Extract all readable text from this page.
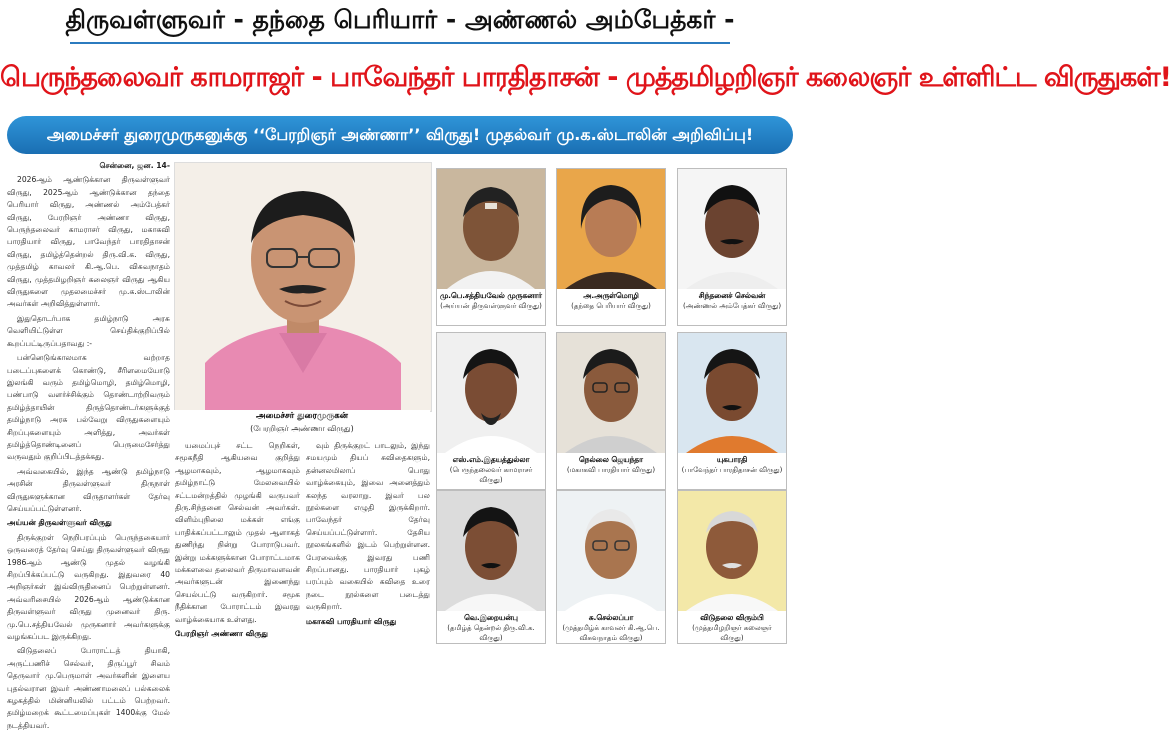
திருவள்ளுவர் - தந்தை பெரியார் - அண்ணல் அம்பேத்கர் -
பெருந்தலைவர் காமராஜர் - பாவேந்தர் பாரதிதாசன் - முத்தமிழறிஞர் கலைஞர் உள்ளிட்ட விருதுகள்!
அமைச்சர் துரைமுருகனுக்கு ‘‘பேரறிஞர் அண்ணா’’ விருது! முதல்வர் மு.க.ஸ்டாலின் அறிவிப்பு!

சென்னை, ஜன. 14-

2026ஆம் ஆண்டுக்கான திருவள்ளுவர் விருது, 2025ஆம் ஆண்டுக்கான தந்தை பெரியார் விருது, அண்ணல் அம்பேத்கர் விருது, பேரறிஞர் அண்ணா விருது, பெருந்தலைவர் காமராசர் விருது, மகாகவி பாரதியார் விருது, பாவேந்தர் பாரதிதாசன் விருது, தமிழ்த்தென்றல் திரு.வி.க. விருது, முத்தமிழ் காவலர் கி.ஆ.பெ. விசுவநாதம் விருது, முத்தமிழறிஞர் கலைஞர் விருது ஆகிய விருதுகளை முதலமைச்சர் மு.க.ஸ்டாலின் அவர்கள் அறிவித்துள்ளார்.

இதுதொடர்பாக தமிழ்நாடு அரசு வெளியிட்டுள்ள செய்திக்குறிப்பில் கூறப்பட்டிருப்பதாவது :-

பன்னெடுங்காலமாக வற்றாத படைப்புகளைக் கொண்டு, சீரிளமையோடு இலங்கி வரும் தமிழ்மொழி, தமிழ்மொழி, பண்பாடு வளர்ச்சிக்கும் தொண்டாற்றிவரும் தமிழ்த்தாயின் திருத்தொண்டர்களுக்குத் தமிழ்நாடு அரசு பல்வேறு விருதுகளையும் சிறப்புகளையும் அளித்து, அவர்கள் தமிழ்த்தொண்டினைப் பெருமைசேர்த்து வருவதும் குறிப்பிடத்தக்கது.

அவ்வகையில், இந்த ஆண்டு தமிழ்நாடு அரசின் திருவள்ளுவர் திருநாள் விருதுகளுக்கான விருதாளர்கள் தேர்வு செய்யப்பட்டுள்ளனர்.

அய்யன் திருவள்ளுவர் விருது

திருக்குறள் நெறிபரப்பும் பெருந்தகையார் ஒருவரைத் தேர்வு செய்து திருவள்ளுவர் விருது 1986ஆம் ஆண்டு முதல் வழங்கி சிறப்பிக்கப்பட்டு வருகிறது. இதுவரை 40 அறிஞர்கள் இவ்விருதினைப் பெற்றுள்ளனர். அவ்வரிசையில் 2026ஆம் ஆண்டுக்கான திருவள்ளுவர் விருது முனைவர் திரு. மு.பெ.சத்தியவேல் முருகனார் அவர்களுக்கு வழங்கப்பட இருக்கிறது.

விடுதலைப் போராட்டத் தியாகி, அருட்பணிச் செல்வர், திருப்பூர் சிவம் தெருவார் மு.பெருமாள் அவர்களின் இளைய புதல்வரான இவர் அண்ணாமலைப் பல்கலைக் கழகத்தில் மின்னியலில் பட்டம் பெற்றவர். தமிழ்மறைக் கூட்டமைப்புகள் 1400க்கு மேல் நடத்தியவர்.

அமைச்சர் துரைமுருகன்
(பேரறிஞர் அண்ணா விருது)

யமைப்புச் சட்ட நெறிகள், சமூகநீதி ஆகியவை குறித்து ஆழமாகவும், ஆழமாகவும் தமிழ்நாட்டு மேலவையில் சட்டமன்றத்தில் முழங்கி வருபவர் திரு.சிந்தனை செல்வன் அவர்கள். விளிம்புநிலை மக்கள் எங்கு பாதிக்கப்பட்டாலும் முதல் ஆளாகத் துணிந்து நின்று போராடுபவர். இன்று மக்களுக்கான போராட்டமாக மக்களவை தலைவர் திருமாவளவன் அவர்களுடன் இணைந்து செயல்பட்டு வருகிறார். சமூக நீதிக்கான போராட்டம் இவரது வாழ்க்கையாக உள்ளது.

பேரறிஞர் அண்ணா விருது

வும் திருக்குறட் பாடலும், இந்து சமயமும் தியப் சுவிதைகளும், தன்னலமிலாப் பொது வாழ்க்கையும், இவை அனைத்தும் கலந்த வரலாறு. இவர் பல நூல்களை எழுதி இருக்கிறார். பாவேந்தர் தேர்வு செய்யப்பட்டுள்ளார். தேசிய நூலகங்களில் இடம் பெற்றுள்ளன. பேரவைக்கு இவரது பணி சிறப்பானது. பாரதியார் புகழ் பரப்பும் வகையில் கவிதை உரை நடை நூல்களை படைத்து வருகிறார்.

மகாகவி பாரதியார் விருது

மு.பெ.சத்தியவேல் முருகனார்
(அய்யன் திருவள்ளுவர் விருது)
அ.அருள்மொழி
(தந்தை பெரியார் விருது)
சிந்தனைச் செல்வன்
(அண்ணல் அம்பேத்கர் விருது)
எஸ்.எம்.இதயத்துல்லா
(பெருந்தலைவர் காமராசர் விருது)
நெல்லை ஜெயந்தா
(மகாகவி பாரதியார் விருது)
யுகபாரதி
(பாவேந்தர் பாரதிதாசன் விருது)
வெ.இறையன்பு
(தமிழ்த் தென்றல் திரு.வி.க. விருது)
சு.செல்லப்பா
(முத்தமிழ்க் காவலர் கி.ஆ.பெ. விசுவநாதம் விருது)
விடுதலை விரும்பி
(முத்தமிழறிஞர் கலைஞர் விருது)
